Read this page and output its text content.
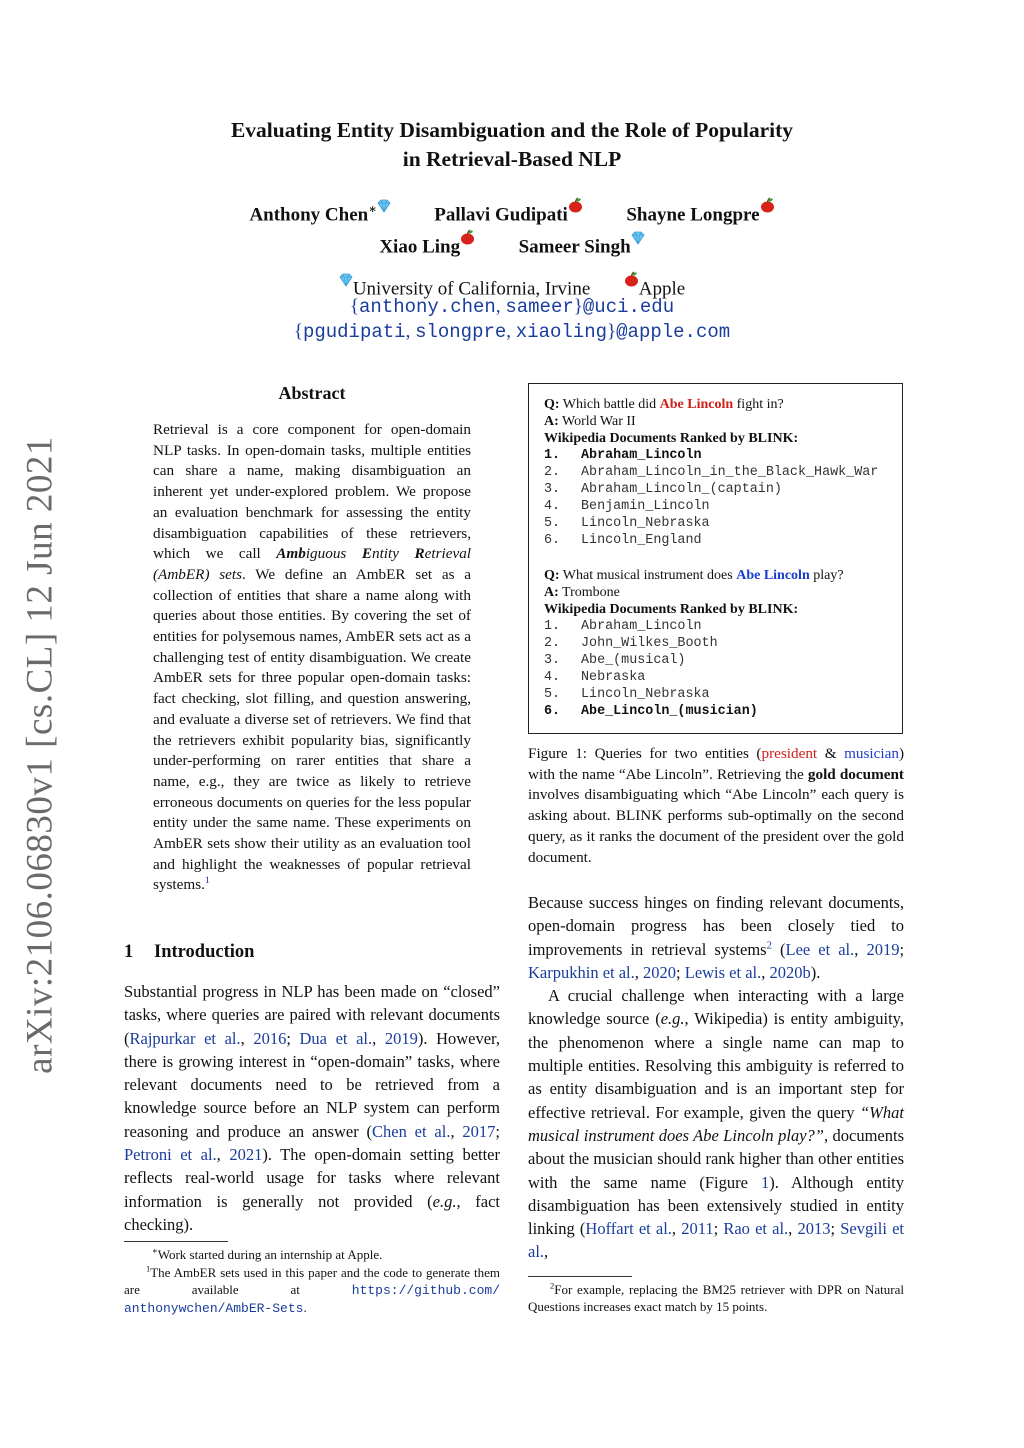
arXiv:2106.06830v1 [cs.CL] 12 Jun 2021
Evaluating Entity Disambiguation and the Role of Popularity
in Retrieval-Based NLP
Anthony Chen∗	Pallavi Gudipati	Shayne Longpre
Xiao Ling	Sameer Singh
University of California, Irvine	Apple
{anthony.chen, sameer}@uci.edu
{pgudipati, slongpre, xiaoling}@apple.com
Abstract
Retrieval is a core component for open-domain NLP tasks. In open-domain tasks, multiple entities can share a name, making disambiguation an inherent yet under-explored problem. We propose an evaluation benchmark for assessing the entity disambiguation capabilities of these retrievers, which we call Ambiguous Entity Retrieval (AmbER) sets. We define an AmbER set as a collection of entities that share a name along with queries about those entities. By covering the set of entities for polysemous names, AmbER sets act as a challenging test of entity disambiguation. We create AmbER sets for three popular open-domain tasks: fact checking, slot filling, and question answering, and evaluate a diverse set of retrievers. We find that the retrievers exhibit popularity bias, significantly under-performing on rarer entities that share a name, e.g., they are twice as likely to retrieve erroneous documents on queries for the less popular entity under the same name. These experiments on AmbER sets show their utility as an evaluation tool and highlight the weaknesses of popular retrieval systems.$^1$
1 Introduction
Substantial progress in NLP has been made on “closed” tasks, where queries are paired with relevant documents (Rajpurkar et al., 2016; Dua et al., 2019). However, there is growing interest in “open-domain” tasks, where relevant documents need to be retrieved from a knowledge source before an NLP system can perform reasoning and produce an answer (Chen et al., 2017; Petroni et al., 2021). The open-domain setting better reflects real-world usage for tasks where relevant information is generally not provided (e.g., fact checking).
∗Work started during an internship at Apple.
$^1$The AmbER sets used in this paper and the code to generate them are available at https://github.com/ anthonywchen/AmbER-Sets.
Q: Which battle did Abe Lincoln fight in?
A: World War II
Wikipedia Documents Ranked by BLINK:
1. Abraham_Lincoln
2. Abraham_Lincoln_in_the_Black_Hawk_War
3. Abraham_Lincoln_(captain)
4. Benjamin_Lincoln
5. Lincoln_Nebraska
6. Lincoln_England
Q: What musical instrument does Abe Lincoln play?
A: Trombone
Wikipedia Documents Ranked by BLINK:
1. Abraham_Lincoln
2. John_Wilkes_Booth
3. Abe_(musical)
4. Nebraska
5. Lincoln_Nebraska
6. Abe_Lincoln_(musician)
Figure 1: Queries for two entities (president & musician) with the name “Abe Lincoln”. Retrieving the gold document involves disambiguating which “Abe Lincoln” each query is asking about. BLINK performs sub-optimally on the second query, as it ranks the document of the president over the gold document.
Because success hinges on finding relevant documents, open-domain progress has been closely tied to improvements in retrieval systems$^2$ (Lee et al., 2019; Karpukhin et al., 2020; Lewis et al., 2020b).
A crucial challenge when interacting with a large knowledge source (e.g., Wikipedia) is entity ambiguity, the phenomenon where a single name can map to multiple entities. Resolving this ambiguity is referred to as entity disambiguation and is an important step for effective retrieval. For example, given the query “What musical instrument does Abe Lincoln play?”, documents about the musician should rank higher than other entities with the same name (Figure 1). Although entity disambiguation has been extensively studied in entity linking (Hoffart et al., 2011; Rao et al., 2013; Sevgili et al.,
$^2$For example, replacing the BM25 retriever with DPR on Natural Questions increases exact match by 15 points.
